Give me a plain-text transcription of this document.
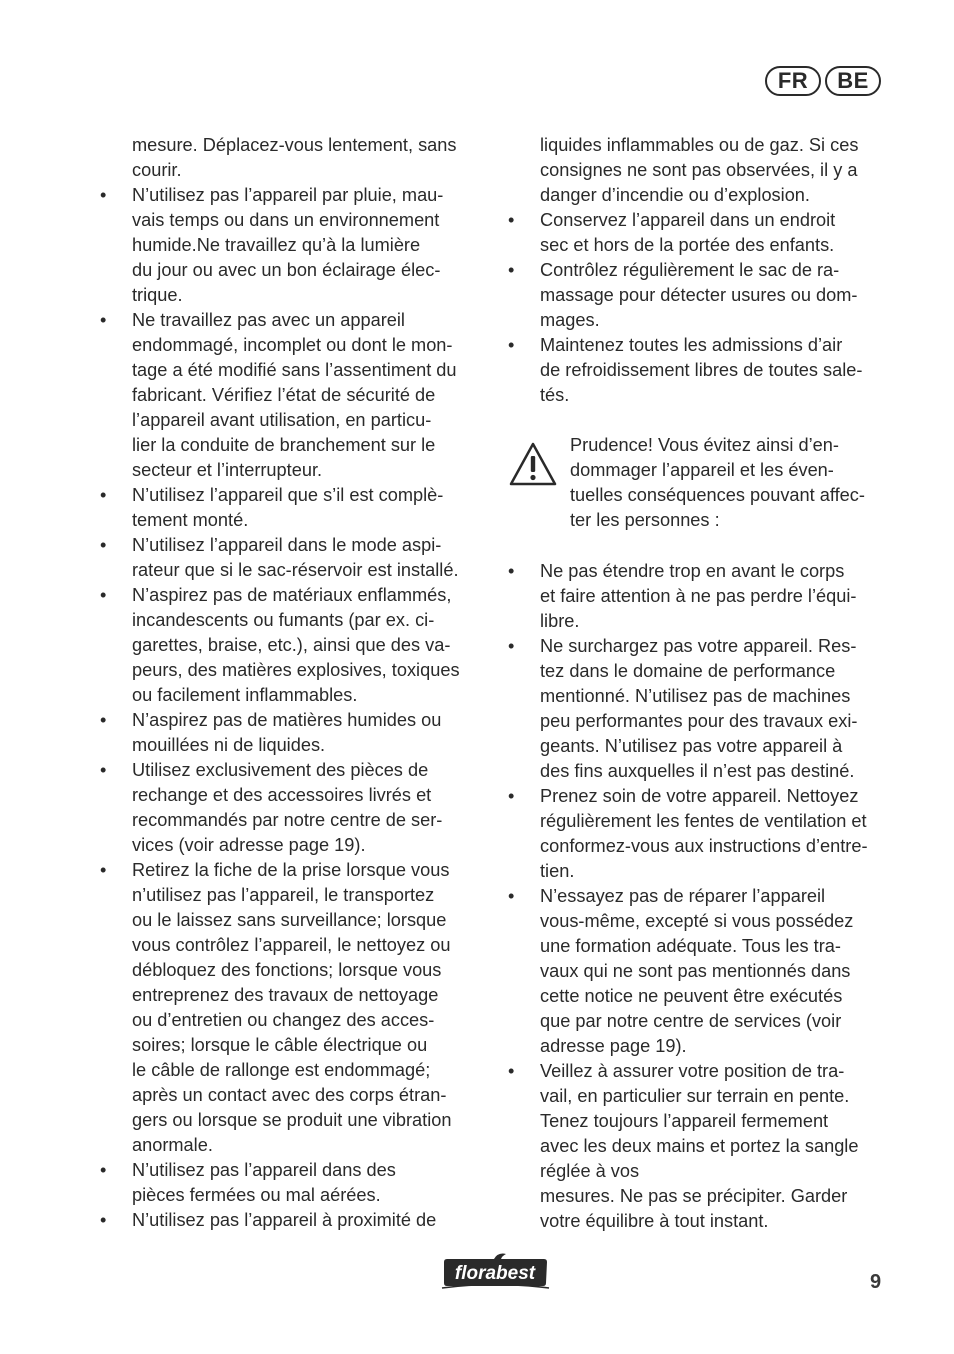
FR	BE
mesure. Déplacez-vous lentement, sans
courir.
• N’utilisez pas l’appareil par pluie, mau-
vais temps ou dans un environnement
humide.Ne travaillez qu’à la lumière
du jour ou avec un bon éclairage élec-
trique.
• Ne travaillez pas avec un appareil
endommagé, incomplet ou dont le mon-
tage a été modifié sans l’assentiment du
fabricant. Vérifiez l’état de sécurité de
l’appareil avant utilisation, en particu-
lier la conduite de branchement sur le
secteur et l’interrupteur.
• N’utilisez l’appareil que s’il est complè-
tement monté.
• N’utilisez l’appareil dans le mode aspi-
rateur que si le sac-réservoir est installé.
• N’aspirez pas de matériaux enflammés,
incandescents ou fumants (par ex. ci-
garettes, braise, etc.), ainsi que des va-
peurs, des matières explosives, toxiques
ou facilement inflammables.
• N’aspirez pas de matières humides ou
mouillées ni de liquides.
• Utilisez exclusivement des pièces de
rechange et des accessoires livrés et
recommandés par notre centre de ser-
vices (voir adresse page 19).
• Retirez la fiche de la prise lorsque vous
n’utilisez pas l’appareil, le transportez
ou le laissez sans surveillance; lorsque
vous contrôlez l’appareil, le nettoyez ou
débloquez des fonctions; lorsque vous
entreprenez des travaux de nettoyage
ou d’entretien ou changez des acces-
soires; lorsque le câble électrique ou
le câble de rallonge est endommagé;
après un contact avec des corps étran-
gers ou lorsque se produit une vibration
anormale.
• N’utilisez pas l’appareil dans des
pièces fermées ou mal aérées.
• N’utilisez pas l’appareil à proximité de
liquides inflammables ou de gaz. Si ces
consignes ne sont pas observées, il y a
danger d’incendie ou d’explosion.
• Conservez l’appareil dans un endroit
sec et hors de la portée des enfants.
• Contrôlez régulièrement le sac de ra-
massage pour détecter usures ou dom-
mages.
• Maintenez toutes les admissions d’air
de refroidissement libres de toutes sale-
tés.
Prudence! Vous évitez ainsi d’en-
dommager l’appareil et les éven-
tuelles conséquences pouvant affec-
ter les personnes :
• Ne pas étendre trop en avant le corps
et faire attention à ne pas perdre l’équi-
libre.
• Ne surchargez pas votre appareil. Res-
tez dans le domaine de performance
mentionné. N’utilisez pas de machines
peu performantes pour des travaux exi-
geants. N’utilisez pas votre appareil à
des fins auxquelles il n’est pas destiné.
• Prenez soin de votre appareil. Nettoyez
régulièrement les fentes de ventilation et
conformez-vous aux instructions d’entre-
tien.
• N’essayez pas de réparer l’appareil
vous-même, excepté si vous possédez
une formation adéquate. Tous les tra-
vaux qui ne sont pas mentionnés dans
cette notice ne peuvent être exécutés
que par notre centre de services (voir
adresse page 19).
• Veillez à assurer votre position de tra-
vail, en particulier sur terrain en pente.
Tenez toujours l’appareil fermement
avec les deux mains et portez la sangle
réglée à vos
mesures. Ne pas se précipiter. Garder
votre équilibre à tout instant.
florabest	9
